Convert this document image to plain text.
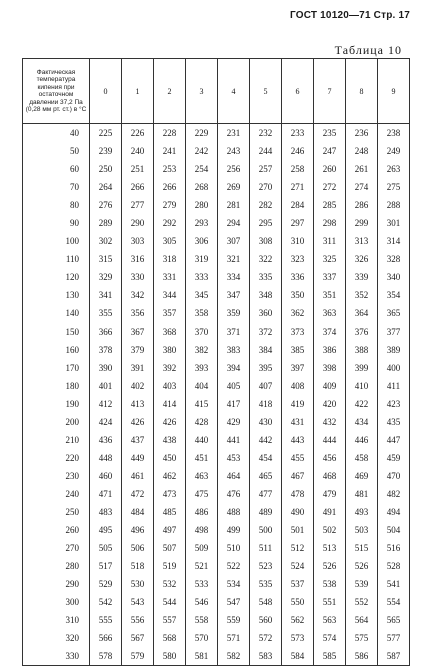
ГОСТ 10120—71 Стр. 17
Таблица 10
Фактическая температура кипения при остаточном давлении 37,2 Па (0,28 мм рт. ст.) в °С	0	1	2	3	4	5	6	7	8	9
40	225	226	228	229	231	232	233	235	236	238
50	239	240	241	242	243	244	246	247	248	249
60	250	251	253	254	256	257	258	260	261	263
70	264	266	266	268	269	270	271	272	274	275
80	276	277	279	280	281	282	284	285	286	288
90	289	290	292	293	294	295	297	298	299	301
100	302	303	305	306	307	308	310	311	313	314
110	315	316	318	319	321	322	323	325	326	328
120	329	330	331	333	334	335	336	337	339	340
130	341	342	344	345	347	348	350	351	352	354
140	355	356	357	358	359	360	362	363	364	365
150	366	367	368	370	371	372	373	374	376	377
160	378	379	380	382	383	384	385	386	388	389
170	390	391	392	393	394	395	397	398	399	400
180	401	402	403	404	405	407	408	409	410	411
190	412	413	414	415	417	418	419	420	422	423
200	424	426	426	428	429	430	431	432	434	435
210	436	437	438	440	441	442	443	444	446	447
220	448	449	450	451	453	454	455	456	458	459
230	460	461	462	463	464	465	467	468	469	470
240	471	472	473	475	476	477	478	479	481	482
250	483	484	485	486	488	489	490	491	493	494
260	495	496	497	498	499	500	501	502	503	504
270	505	506	507	509	510	511	512	513	515	516
280	517	518	519	521	522	523	524	526	526	528
290	529	530	532	533	534	535	537	538	539	541
300	542	543	544	546	547	548	550	551	552	554
310	555	556	557	558	559	560	562	563	564	565
320	566	567	568	570	571	572	573	574	575	577
330	578	579	580	581	582	583	584	585	586	587
